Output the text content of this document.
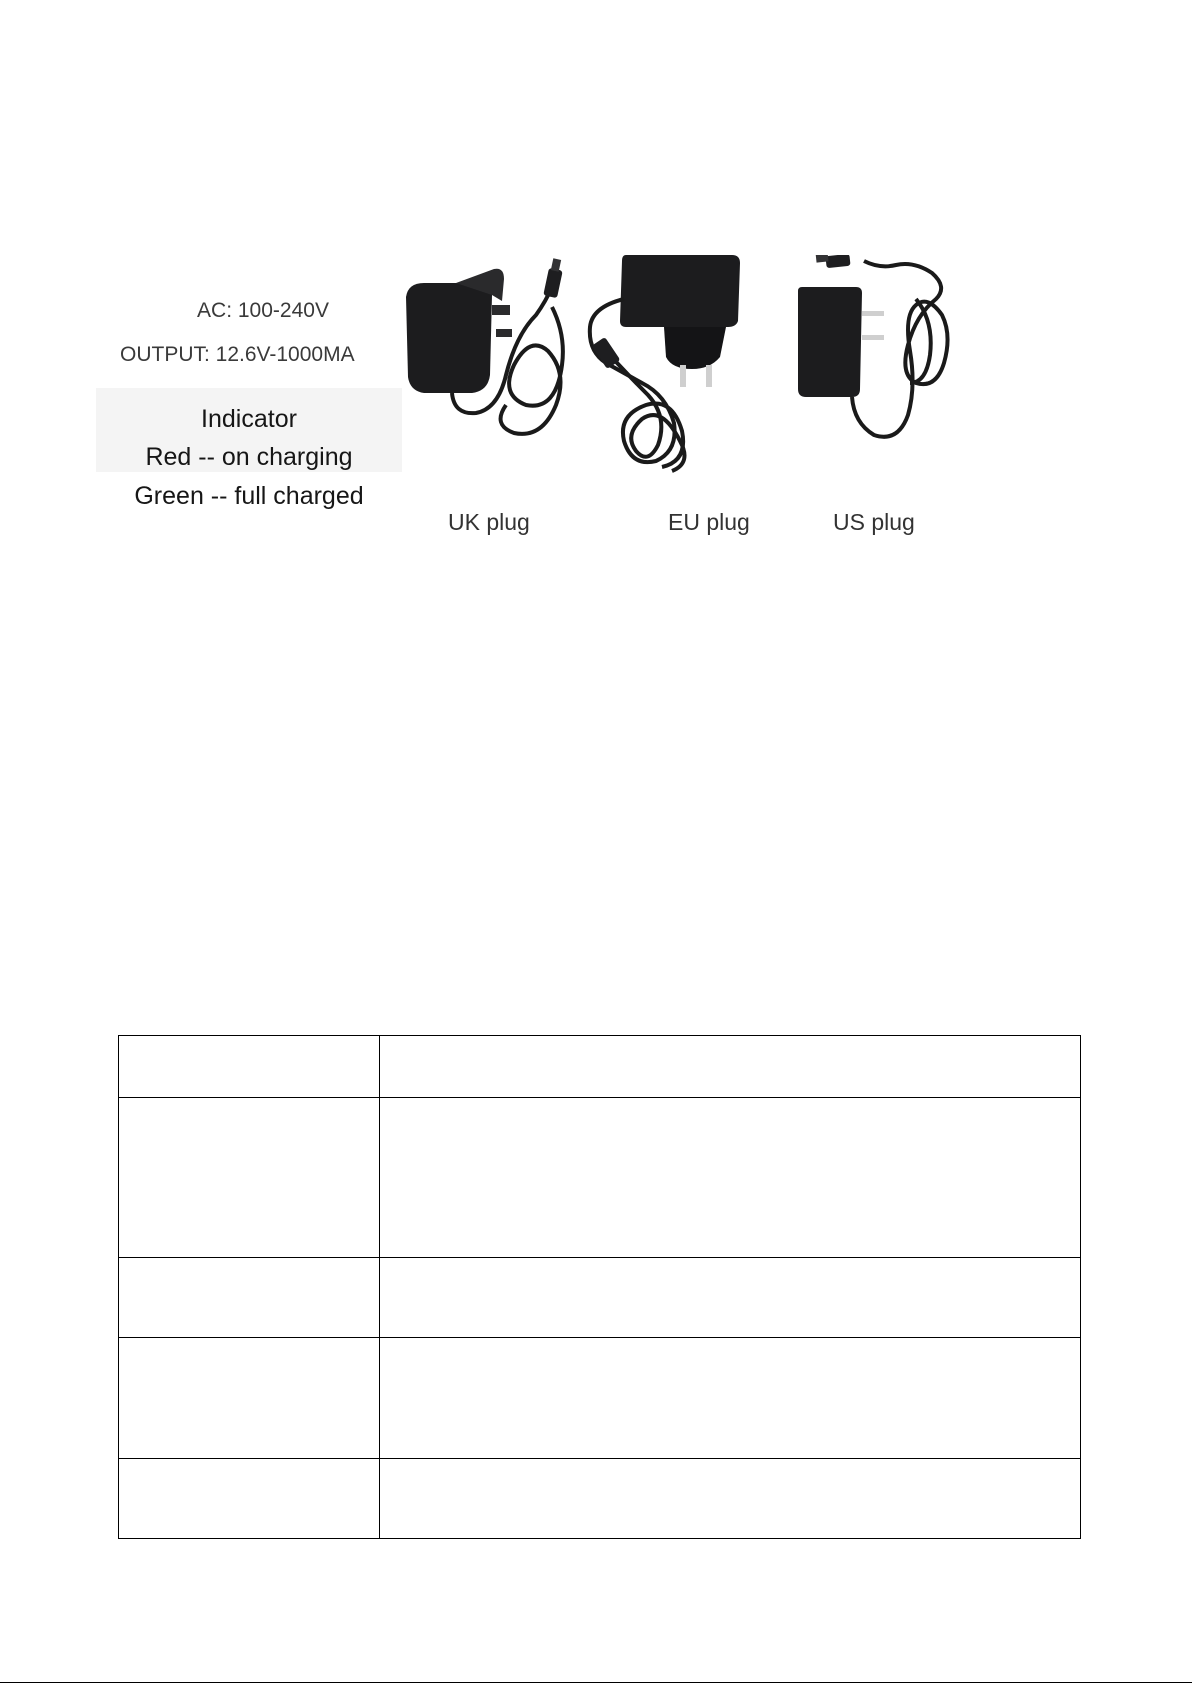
AC: 100-240V
OUTPUT: 12.6V-1000MA
Indicator
Red -- on charging
Green -- full charged
UK plug	EU plug	US plug
